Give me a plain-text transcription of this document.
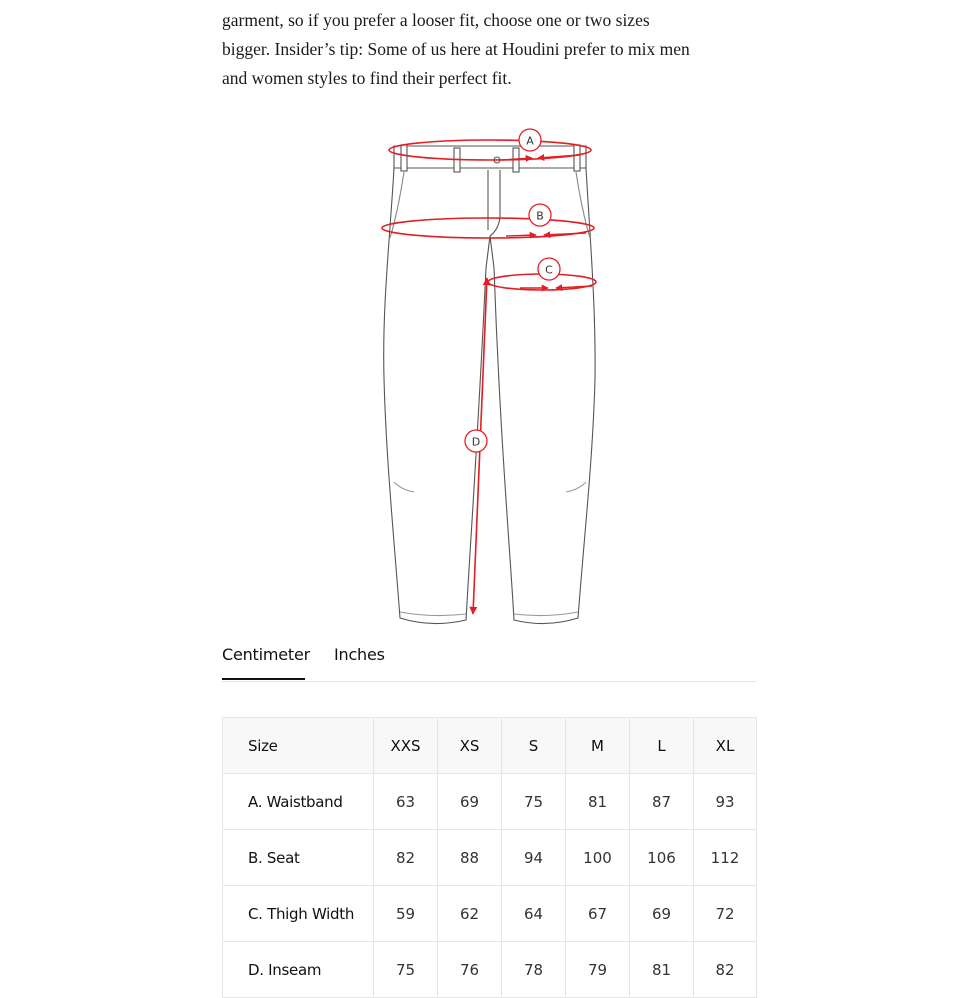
garment, so if you prefer a looser fit, choose one or two sizes

bigger. Insider’s tip: Some of us here at Houdini prefer to mix men

and women styles to find their perfect fit.

A
B
C
D
Centimeter Inches
Size	XXS	XS	S	M	L	XL
A. Waistband	63	69	75	81	87	93
B. Seat	82	88	94	100	106	112
C. Thigh Width	59	62	64	67	69	72
D. Inseam	75	76	78	79	81	82
